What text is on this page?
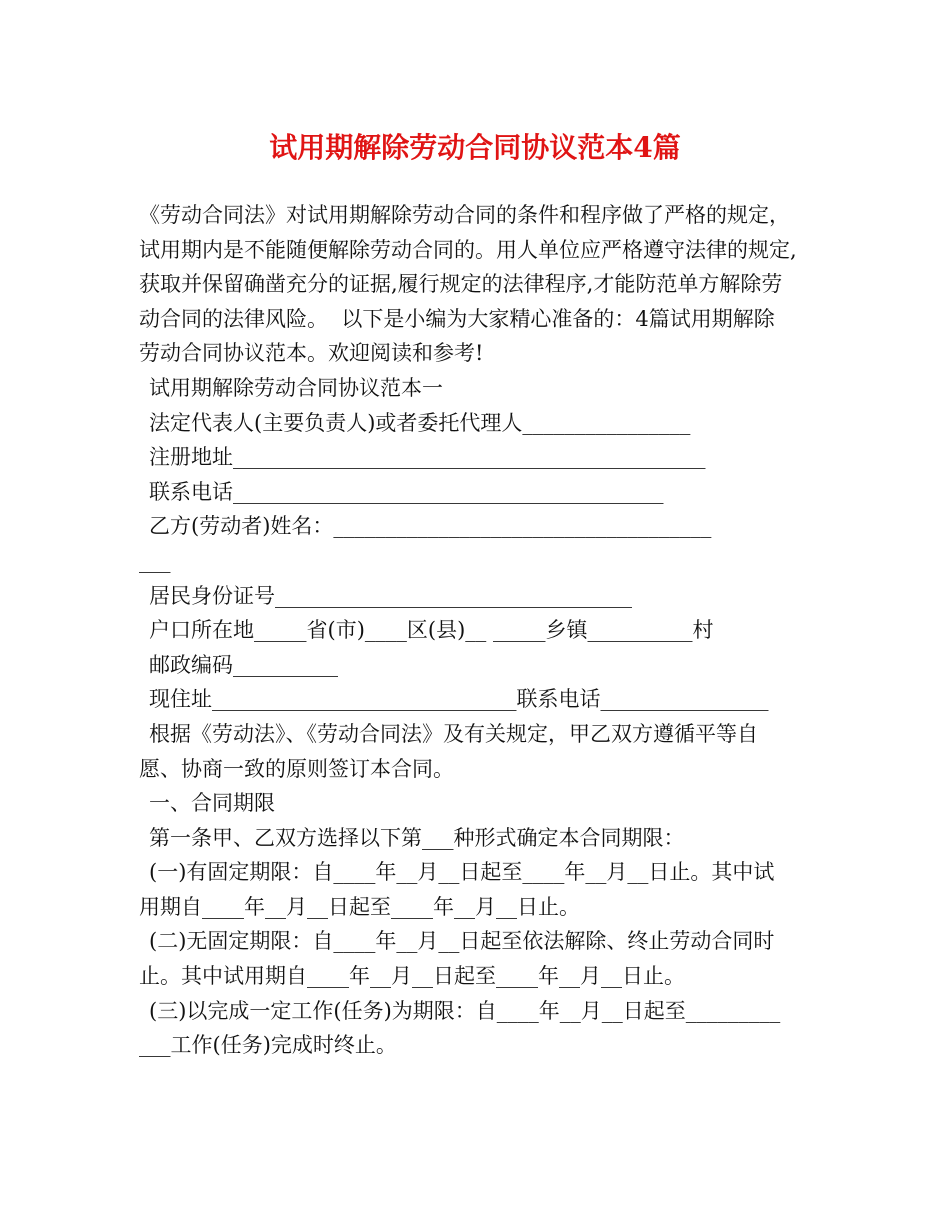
试用期解除劳动合同协议范本4篇
《劳动合同法》对试用期解除劳动合同的条件和程序做了严格的规定，
试用期内是不能随便解除劳动合同的。用人单位应严格遵守法律的规定,
获取并保留确凿充分的证据,履行规定的法律程序,才能防范单方解除劳
动合同的法律风险。  以下是小编为大家精心准备的：4篇试用期解除
劳动合同协议范本。欢迎阅读和参考!
试用期解除劳动合同协议范本一
法定代表人(主要负责人)或者委托代理人________________
注册地址_____________________________________________
联系电话_________________________________________
乙方(劳动者)姓名：____________________________________
___
居民身份证号__________________________________
户口所在地_____省(市)____区(县)__ _____乡镇__________村
邮政编码__________
现住址_____________________________联系电话________________
根据《劳动法》、《劳动合同法》及有关规定，甲乙双方遵循平等自
愿、协商一致的原则签订本合同。
一、合同期限
第一条甲、乙双方选择以下第___种形式确定本合同期限：
(一)有固定期限：自____年__月__日起至____年__月__日止。其中试
用期自____年__月__日起至____年__月__日止。
(二)无固定期限：自____年__月__日起至依法解除、终止劳动合同时
止。其中试用期自____年__月__日起至____年__月__日止。
(三)以完成一定工作(任务)为期限：自____年__月__日起至_________
___工作(任务)完成时终止。
